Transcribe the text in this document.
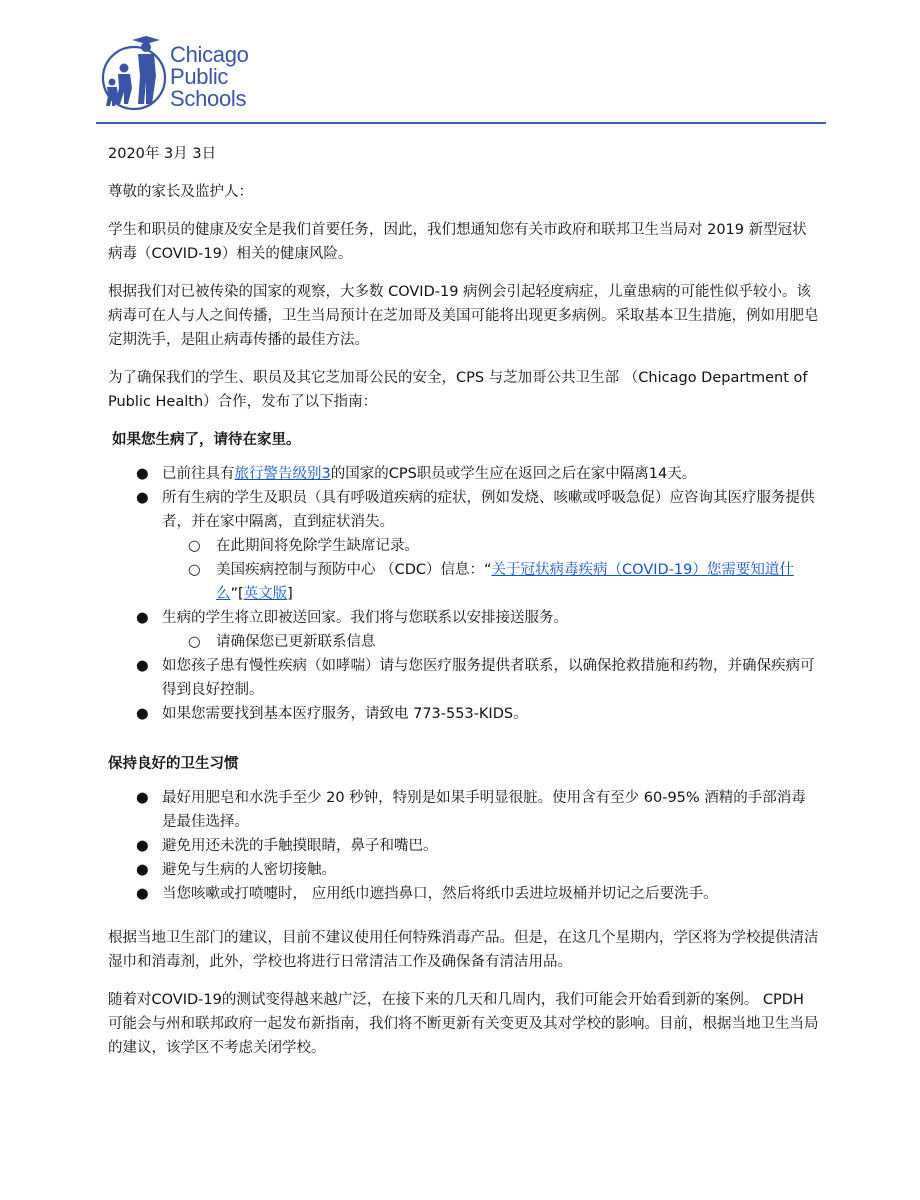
Chicago
Public
Schools

2020年 3月 3日

尊敬的家长及监护人：

学生和职员的健康及安全是我们首要任务，因此，我们想通知您有关市政府和联邦卫生当局对 2019 新型冠状病毒（COVID-19）相关的健康风险。

根据我们对已被传染的国家的观察，大多数 COVID-19 病例会引起轻度病症，儿童患病的可能性似乎较小。该病毒可在人与人之间传播，卫生当局预计在芝加哥及美国可能将出现更多病例。采取基本卫生措施，例如用肥皂定期洗手，是阻止病毒传播的最佳方法。

为了确保我们的学生、职员及其它芝加哥公民的安全，CPS 与芝加哥公共卫生部 （Chicago Department of Public Health）合作，发布了以下指南：

如果您生病了，请待在家里。

● 已前往具有旅行警告级别3的国家的CPS职员或学生应在返回之后在家中隔离14天。
● 所有生病的学生及职员（具有呼吸道疾病的症状，例如发烧、咳嗽或呼吸急促）应咨询其医疗服务提供者，并在家中隔离，直到症状消失。
○ 在此期间将免除学生缺席记录。
○ 美国疾病控制与预防中心 （CDC）信息：“关于冠状病毒疾病（COVID-19）您需要知道什么”[英文版]
● 生病的学生将立即被送回家。我们将与您联系以安排接送服务。
○ 请确保您已更新联系信息
● 如您孩子患有慢性疾病（如哮喘）请与您医疗服务提供者联系，以确保抢救措施和药物，并确保疾病可得到良好控制。
● 如果您需要找到基本医疗服务，请致电 773-553-KIDS。

保持良好的卫生习惯

● 最好用肥皂和水洗手至少 20 秒钟，特别是如果手明显很脏。使用含有至少 60-95% 酒精的手部消毒是最佳选择。
● 避免用还未洗的手触摸眼睛，鼻子和嘴巴。
● 避免与生病的人密切接触。
● 当您咳嗽或打喷嚏时， 应用纸巾遮挡鼻口，然后将纸巾丢进垃圾桶并切记之后要洗手。

根据当地卫生部门的建议，目前不建议使用任何特殊消毒产品。但是，在这几个星期内，学区将为学校提供清洁湿巾和消毒剂，此外，学校也将进行日常清洁工作及确保备有清洁用品。

随着对COVID-19的测试变得越来越广泛，在接下来的几天和几周内，我们可能会开始看到新的案例。 CPDH 可能会与州和联邦政府一起发布新指南，我们将不断更新有关变更及其对学校的影响。目前，根据当地卫生当局的建议，该学区不考虑关闭学校。
